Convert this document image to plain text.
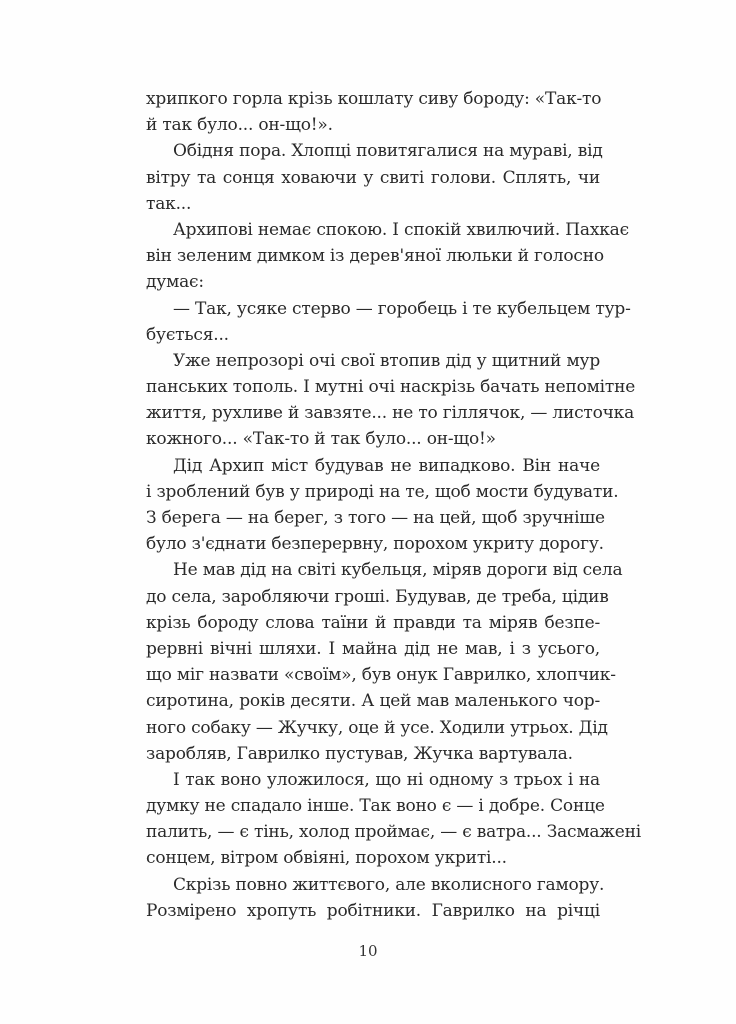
хрипкого горла крізь кошлату сиву бороду: «Так-то
й так було... он-що!».
Обідня пора. Хлопці повитягалися на мураві, від
вітру та сонця ховаючи у свиті голови. Сплять, чи
так...
Архипові немає спокою. І спокій хвилючий. Пахкає
він зеленим димком із дерев'яної люльки й голосно
думає:
— Так, усяке стерво — горобець і те кубельцем тур-
бується...
Уже непрозорі очі свої втопив дід у щитний мур
панських тополь. І мутні очі наскрізь бачать непомітне
життя, рухливе й завзяте... не то гіллячок, — листочка
кожного... «Так-то й так було... он-що!»
Дід Архип міст будував не випадково. Він наче
і зроблений був у природі на те, щоб мости будувати.
З берега — на берег, з того — на цей, щоб зручніше
було з'єднати безперервну, порохом укриту дорогу.
Не мав дід на світі кубельця, міряв дороги від села
до села, заробляючи гроші. Будував, де треба, цідив
крізь бороду слова таїни й правди та міряв безпе-
рервні вічні шляхи. І майна дід не мав, і з усього,
що міг назвати «своїм», був онук Гаврилко, хлопчик-
сиротина, років десяти. А цей мав маленького чор-
ного собаку — Жучку, оце й усе. Ходили утрьох. Дід
заробляв, Гаврилко пустував, Жучка вартувала.
І так воно уложилося, що ні одному з трьох і на
думку не спадало інше. Так воно є — і добре. Сонце
палить, — є тінь, холод проймає, — є ватра... Засмажені
сонцем, вітром обвіяні, порохом укриті...
Скрізь повно життєвого, але вколисного гамору.
Розмірено хропуть робітники. Гаврилко на річці
10
